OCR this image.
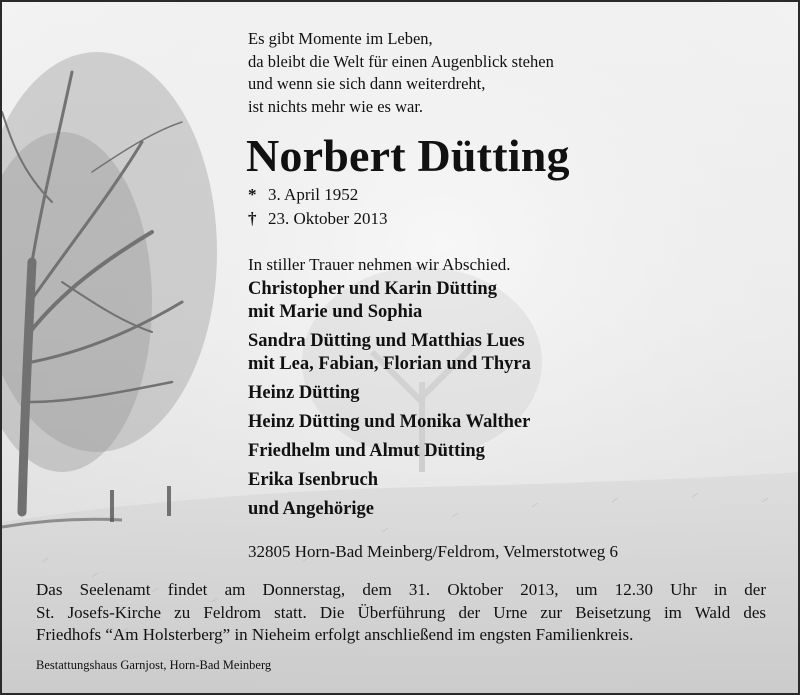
Es gibt Momente im Leben,
da bleibt die Welt für einen Augenblick stehen
und wenn sie sich dann weiterdreht,
ist nichts mehr wie es war.
Norbert Dütting
* 3. April 1952
† 23. Oktober 2013
In stiller Trauer nehmen wir Abschied.
Christopher und Karin Dütting
mit Marie und Sophia
Sandra Dütting und Matthias Lues
mit Lea, Fabian, Florian und Thyra
Heinz Dütting
Heinz Dütting und Monika Walther
Friedhelm und Almut Dütting
Erika Isenbruch
und Angehörige
32805 Horn-Bad Meinberg/Feldrom, Velmerstotweg 6
Das Seelenamt findet am Donnerstag, dem 31. Oktober 2013, um 12.30 Uhr in der
St. Josefs-Kirche zu Feldrom statt. Die Überführung der Urne zur Beisetzung im Wald des
Friedhofs “Am Holsterberg” in Nieheim erfolgt anschließend im engsten Familienkreis.
Bestattungshaus Garnjost, Horn-Bad Meinberg
